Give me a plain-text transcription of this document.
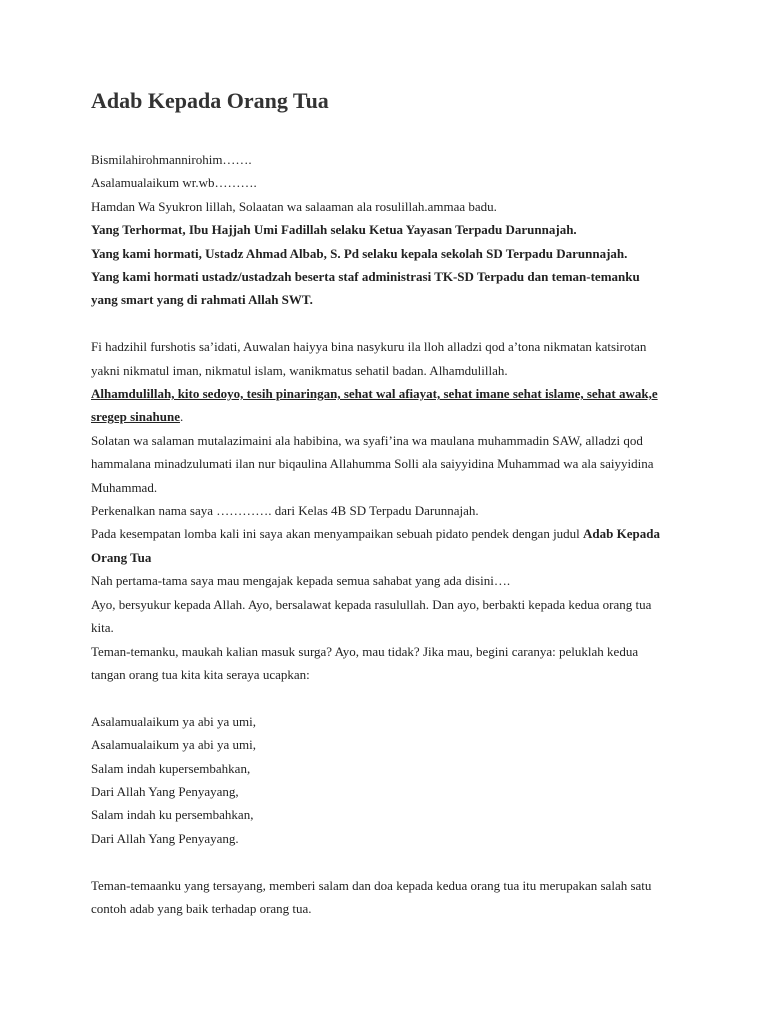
Adab Kepada Orang Tua
Bismilahirohmannirohim…….
Asalamualaikum wr.wb……….
Hamdan Wa Syukron lillah, Solaatan wa salaaman ala rosulillah.ammaa badu.
Yang Terhormat, Ibu Hajjah Umi Fadillah selaku Ketua Yayasan Terpadu Darunnajah.
Yang kami hormati, Ustadz Ahmad Albab, S. Pd selaku kepala sekolah SD Terpadu Darunnajah.
Yang kami hormati ustadz/ustadzah beserta staf administrasi TK-SD Terpadu dan teman-temanku
yang smart yang di rahmati Allah SWT.
Fi hadzihil furshotis sa’idati, Auwalan haiyya bina nasykuru ila lloh alladzi qod a’tona nikmatan katsirotan
yakni nikmatul iman, nikmatul islam, wanikmatus sehatil badan. Alhamdulillah.
Alhamdulillah, kito sedoyo, tesih pinaringan, sehat wal afiayat, sehat imane sehat islame, sehat awak,e
sregep sinahune.
Solatan wa salaman mutalazimaini ala habibina, wa syafi’ina wa maulana muhammadin SAW, alladzi qod
hammalana minadzulumati ilan nur biqaulina Allahumma Solli ala saiyyidina Muhammad wa ala saiyyidina
Muhammad.
Perkenalkan nama saya …………. dari Kelas 4B SD Terpadu Darunnajah.
Pada kesempatan lomba kali ini saya akan menyampaikan sebuah pidato pendek dengan judul Adab Kepada
Orang Tua
Nah pertama-tama saya mau mengajak kepada semua sahabat yang ada disini….
Ayo, bersyukur kepada Allah. Ayo, bersalawat kepada rasulullah. Dan ayo, berbakti kepada kedua orang tua
kita.
Teman-temanku, maukah kalian masuk surga? Ayo, mau tidak? Jika mau, begini caranya: peluklah kedua
tangan orang tua kita kita seraya ucapkan:
Asalamualaikum ya abi ya umi,
Asalamualaikum ya abi ya umi,
Salam indah kupersembahkan,
Dari Allah Yang Penyayang,
Salam indah ku persembahkan,
Dari Allah Yang Penyayang.
Teman-temaanku yang tersayang, memberi salam dan doa kepada kedua orang tua itu merupakan salah satu
contoh adab yang baik terhadap orang tua.
